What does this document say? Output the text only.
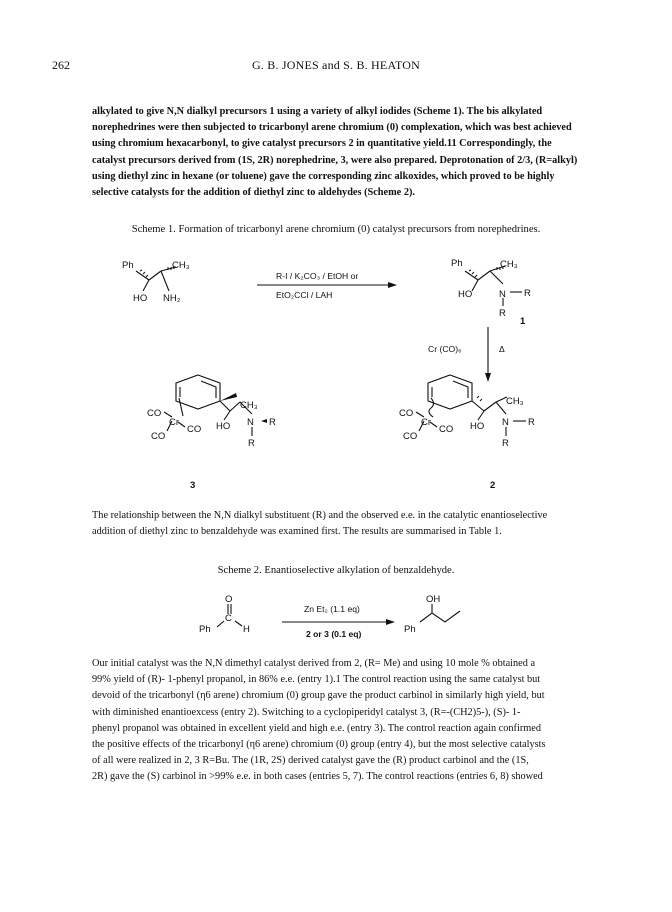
262	G. B. JONES and S. B. HEATON
alkylated to give N,N dialkyl precursors 1 using a variety of alkyl iodides (Scheme 1). The bis alkylated
norephedrines were then subjected to tricarbonyl arene chromium (0) complexation, which was best achieved
using chromium hexacarbonyl, to give catalyst precursors 2 in quantitative yield.11 Correspondingly, the
catalyst precursors derived from (1S, 2R) norephedrine, 3, were also prepared. Deprotonation of 2/3, (R=alkyl)
using diethyl zinc in hexane (or toluene) gave the corresponding zinc alkoxides, which proved to be highly
selective catalysts for the addition of diethyl zinc to aldehydes (Scheme 2).
Scheme 1. Formation of tricarbonyl arene chromium (0) catalyst precursors from norephedrines.
Ph	CH₃
HO NH₂
R-I / K₂CO₃ / EtOH or
EtO₂CCl / LAH
Ph	CH₃
HO	N R
R
1
Cr (CO)₆	Δ
CO
Cr
CO
CO
CH₃
HO N R
R
3
CO
Cr
CO
CO
CH₃
HO N R
R
2
The relationship between the N,N dialkyl substituent (R) and the observed e.e. in the catalytic enantioselective
addition of diethyl zinc to benzaldehyde was examined first. The results are summarised in Table 1.
Scheme 2. Enantioselective alkylation of benzaldehyde.
O
C
Ph	H
Zn Et₂ (1.1 eq)
2 or 3 (0.1 eq)
OH
Ph
Our initial catalyst was the N,N dimethyl catalyst derived from 2, (R= Me) and using 10 mole % obtained a
99% yield of (R)- 1-phenyl propanol, in 86% e.e. (entry 1).1 The control reaction using the same catalyst but
devoid of the tricarbonyl (η6 arene) chromium (0) group gave the product carbinol in similarly high yield, but
with diminished enantioexcess (entry 2). Switching to a cyclopiperidyl catalyst 3, (R=-(CH2)5-), (S)- 1-
phenyl propanol was obtained in excellent yield and high e.e. (entry 3). The control reaction again confirmed
the positive effects of the tricarbonyl (η6 arene) chromium (0) group (entry 4), but the most selective catalysts
of all were realized in 2, 3 R=Bu. The (1R, 2S) derived catalyst gave the (R) product carbinol and the (1S,
2R) gave the (S) carbinol in >99% e.e. in both cases (entries 5, 7). The control reactions (entries 6, 8) showed
